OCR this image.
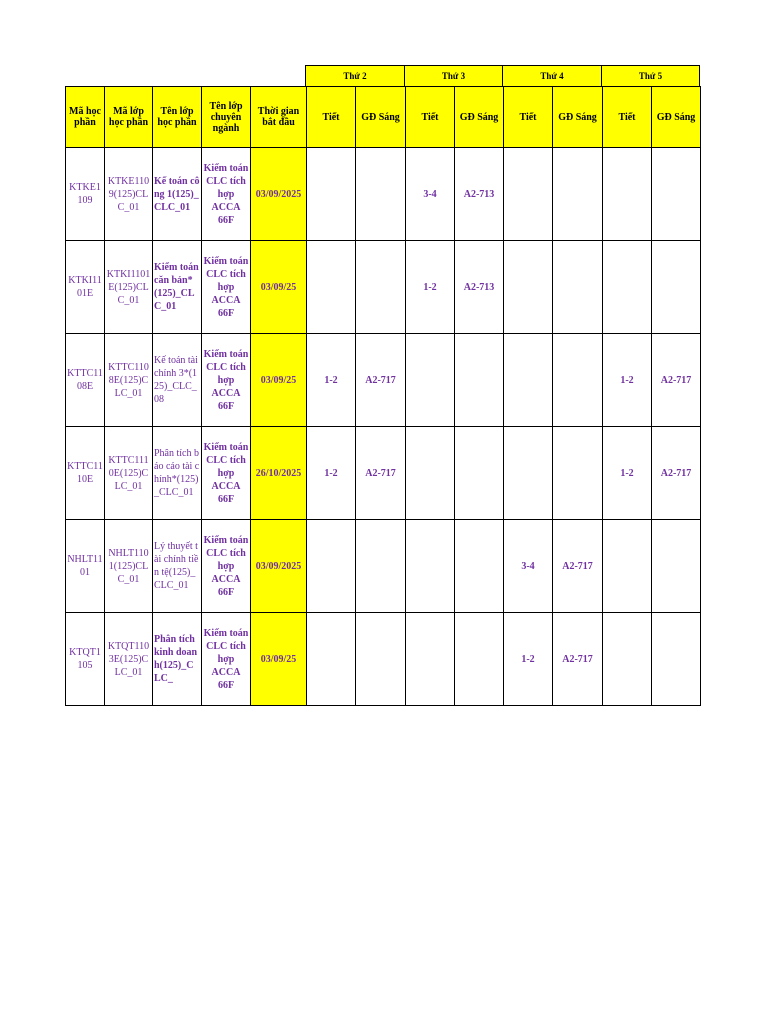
Thứ 2	Thứ 3	Thứ 4	Thứ 5
Mã học phần	Mã lớp học phần	Tên lớp học phần	Tên lớp chuyên ngành	Thời gian bắt đầu	Tiết	GĐ Sáng	Tiết	GĐ Sáng	Tiết	GĐ Sáng	Tiết	GĐ Sáng
KTKE1109	KTKE1109(125)CLC_01	Kế toán công 1(125)_CLC_01	Kiểm toán CLC tích hợp ACCA 66F	03/09/2025			3-4	A2-713				
KTKI1101E	KTKI1101E(125)CLC_01	Kiểm toán căn bản*(125)_CLC_01	Kiểm toán CLC tích hợp ACCA 66F	03/09/25			1-2	A2-713				
KTTC1108E	KTTC1108E(125)CLC_01	Kế toán tài chính 3*(125)_CLC_08	Kiểm toán CLC tích hợp ACCA 66F	03/09/25	1-2	A2-717					1-2	A2-717
KTTC1110E	KTTC1110E(125)CLC_01	Phân tích báo cáo tài chính*(125)_CLC_01	Kiểm toán CLC tích hợp ACCA 66F	26/10/2025	1-2	A2-717					1-2	A2-717
NHLT1101	NHLT1101(125)CLC_01	Lý thuyết tài chính tiền tệ(125)_CLC_01	Kiểm toán CLC tích hợp ACCA 66F	03/09/2025					3-4	A2-717		
KTQT1105	KTQT1103E(125)CLC_01	Phân tích kinh doanh(125)_CLC_	Kiểm toán CLC tích hợp ACCA 66F	03/09/25					1-2	A2-717		
